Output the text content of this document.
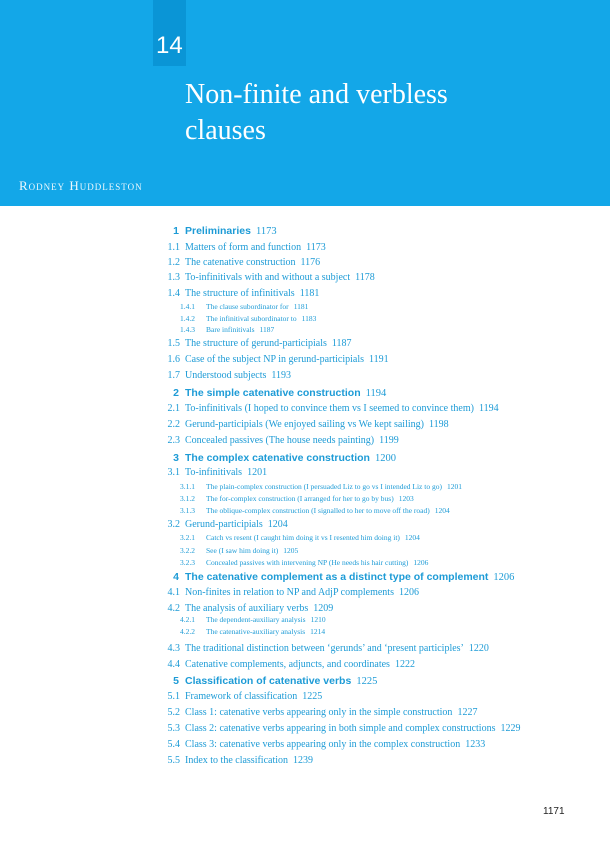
14
Non-finite and verbless
clauses
Rodney Huddleston
1 Preliminaries 1173
1.1 Matters of form and function 1173
1.2 The catenative construction 1176
1.3 To-infinitivals with and without a subject 1178
1.4 The structure of infinitivals 1181
1.4.1 The clause subordinator for 1181
1.4.2 The infinitival subordinator to 1183
1.4.3 Bare infinitivals 1187
1.5 The structure of gerund-participials 1187
1.6 Case of the subject NP in gerund-participials 1191
1.7 Understood subjects 1193
2 The simple catenative construction 1194
2.1 To-infinitivals (I hoped to convince them vs I seemed to convince them) 1194
2.2 Gerund-participials (We enjoyed sailing vs We kept sailing) 1198
2.3 Concealed passives (The house needs painting) 1199
3 The complex catenative construction 1200
3.1 To-infinitivals 1201
3.1.1 The plain-complex construction (I persuaded Liz to go vs I intended Liz to go) 1201
3.1.2 The for-complex construction (I arranged for her to go by bus) 1203
3.1.3 The oblique-complex construction (I signalled to her to move off the road) 1204
3.2 Gerund-participials 1204
3.2.1 Catch vs resent (I caught him doing it vs I resented him doing it) 1204
3.2.2 See (I saw him doing it) 1205
3.2.3 Concealed passives with intervening NP (He needs his hair cutting) 1206
4 The catenative complement as a distinct type of complement 1206
4.1 Non-finites in relation to NP and AdjP complements 1206
4.2 The analysis of auxiliary verbs 1209
4.2.1 The dependent-auxiliary analysis 1210
4.2.2 The catenative-auxiliary analysis 1214
4.3 The traditional distinction between ‘gerunds’ and ‘present participles’ 1220
4.4 Catenative complements, adjuncts, and coordinates 1222
5 Classification of catenative verbs 1225
5.1 Framework of classification 1225
5.2 Class 1: catenative verbs appearing only in the simple construction 1227
5.3 Class 2: catenative verbs appearing in both simple and complex constructions 1229
5.4 Class 3: catenative verbs appearing only in the complex construction 1233
5.5 Index to the classification 1239
1171
